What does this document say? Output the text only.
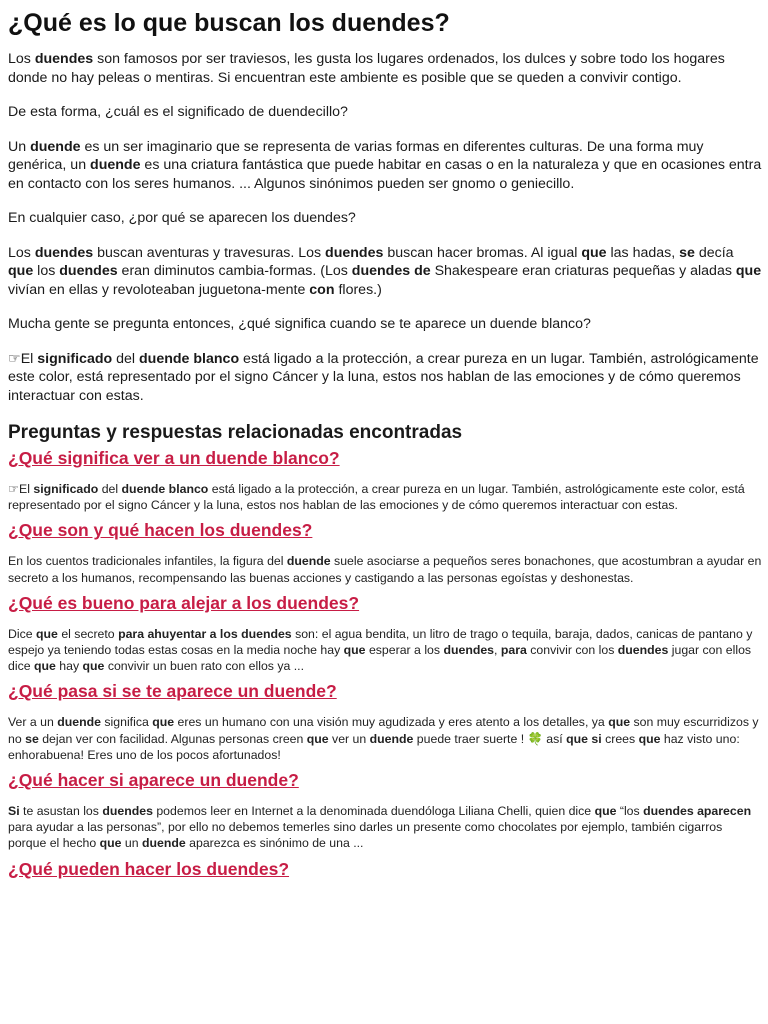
¿Qué es lo que buscan los duendes?

Los duendes son famosos por ser traviesos, les gusta los lugares ordenados, los dulces y sobre todo los hogares donde no hay peleas o mentiras. Si encuentran este ambiente es posible que se queden a convivir contigo.

De esta forma, ¿cuál es el significado de duendecillo?

Un duende es un ser imaginario que se representa de varias formas en diferentes culturas. De una forma muy genérica, un duende es una criatura fantástica que puede habitar en casas o en la naturaleza y que en ocasiones entra en contacto con los seres humanos. ... Algunos sinónimos pueden ser gnomo o geniecillo.

En cualquier caso, ¿por qué se aparecen los duendes?

Los duendes buscan aventuras y travesuras. Los duendes buscan hacer bromas. Al igual que las hadas, se decía que los duendes eran diminutos cambia-formas. (Los duendes de Shakespeare eran criaturas pequeñas y aladas que vivían en ellas y revoloteaban juguetona-mente con flores.)

Mucha gente se pregunta entonces, ¿qué significa cuando se te aparece un duende blanco?

☞El significado del duende blanco está ligado a la protección, a crear pureza en un lugar. También, astrológicamente este color, está representado por el signo Cáncer y la luna, estos nos hablan de las emociones y de cómo queremos interactuar con estas.

Preguntas y respuestas relacionadas encontradas
¿Qué significa ver a un duende blanco?

☞El significado del duende blanco está ligado a la protección, a crear pureza en un lugar. También, astrológicamente este color, está representado por el signo Cáncer y la luna, estos nos hablan de las emociones y de cómo queremos interactuar con estas.

¿Que son y qué hacen los duendes?

En los cuentos tradicionales infantiles, la figura del duende suele asociarse a pequeños seres bonachones, que acostumbran a ayudar en secreto a los humanos, recompensando las buenas acciones y castigando a las personas egoístas y deshonestas.

¿Qué es bueno para alejar a los duendes?

Dice que el secreto para ahuyentar a los duendes son: el agua bendita, un litro de trago o tequila, baraja, dados, canicas de pantano y espejo ya teniendo todas estas cosas en la media noche hay que esperar a los duendes, para convivir con los duendes jugar con ellos dice que hay que convivir un buen rato con ellos ya ...

¿Qué pasa si se te aparece un duende?

Ver a un duende significa que eres un humano con una visión muy agudizada y eres atento a los detalles, ya que son muy escurridizos y no se dejan ver con facilidad. Algunas personas creen que ver un duende puede traer suerte ! 🍀 así que si crees que haz visto uno: enhorabuena! Eres uno de los pocos afortunados!

¿Qué hacer si aparece un duende?

Si te asustan los duendes podemos leer en Internet a la denominada duendóloga Liliana Chelli, quien dice que “los duendes aparecen para ayudar a las personas”, por ello no debemos temerles sino darles un presente como chocolates por ejemplo, también cigarros porque el hecho que un duende aparezca es sinónimo de una ...

¿Qué pueden hacer los duendes?
